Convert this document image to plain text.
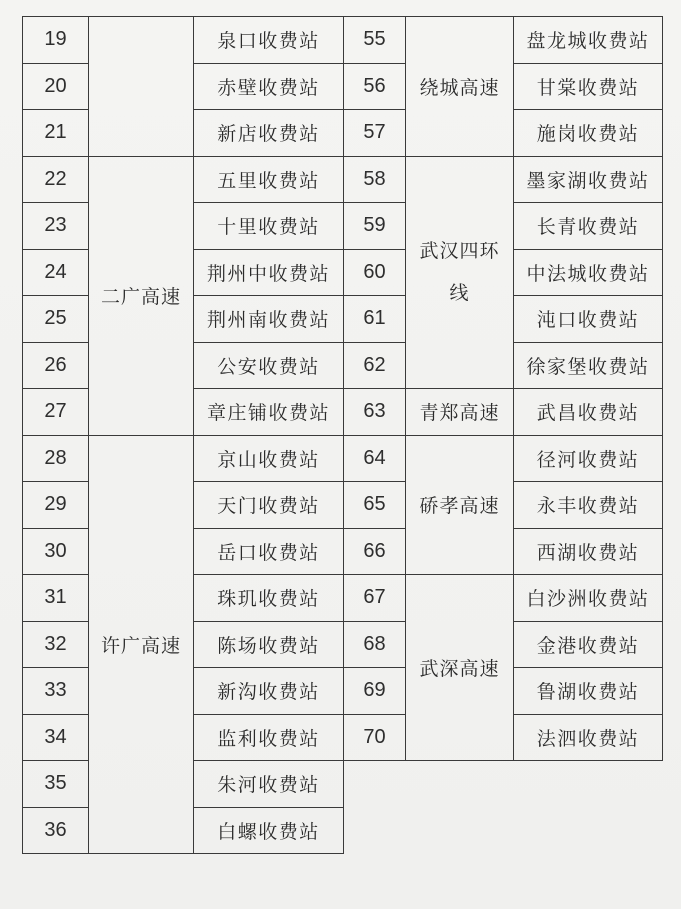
19		泉口收费站
20		赤壁收费站
21		新店收费站
22	二广高速	五里收费站
23		十里收费站
24		荆州中收费站
25		荆州南收费站
26		公安收费站
27		章庄铺收费站
28	许广高速	京山收费站
29		天门收费站
30		岳口收费站
31		珠玑收费站
32		陈场收费站
33		新沟收费站
34		监利收费站
35		朱河收费站
36		白螺收费站
55	绕城高速	盘龙城收费站
56		甘棠收费站
57		施岗收费站
58	武汉四环线	墨家湖收费站
59		长青收费站
60		中法城收费站
61		沌口收费站
62		徐家堡收费站
63	青郑高速	武昌收费站
64	硚孝高速	径河收费站
65		永丰收费站
66		西湖收费站
67	武深高速	白沙洲收费站
68		金港收费站
69		鲁湖收费站
70		法泗收费站
